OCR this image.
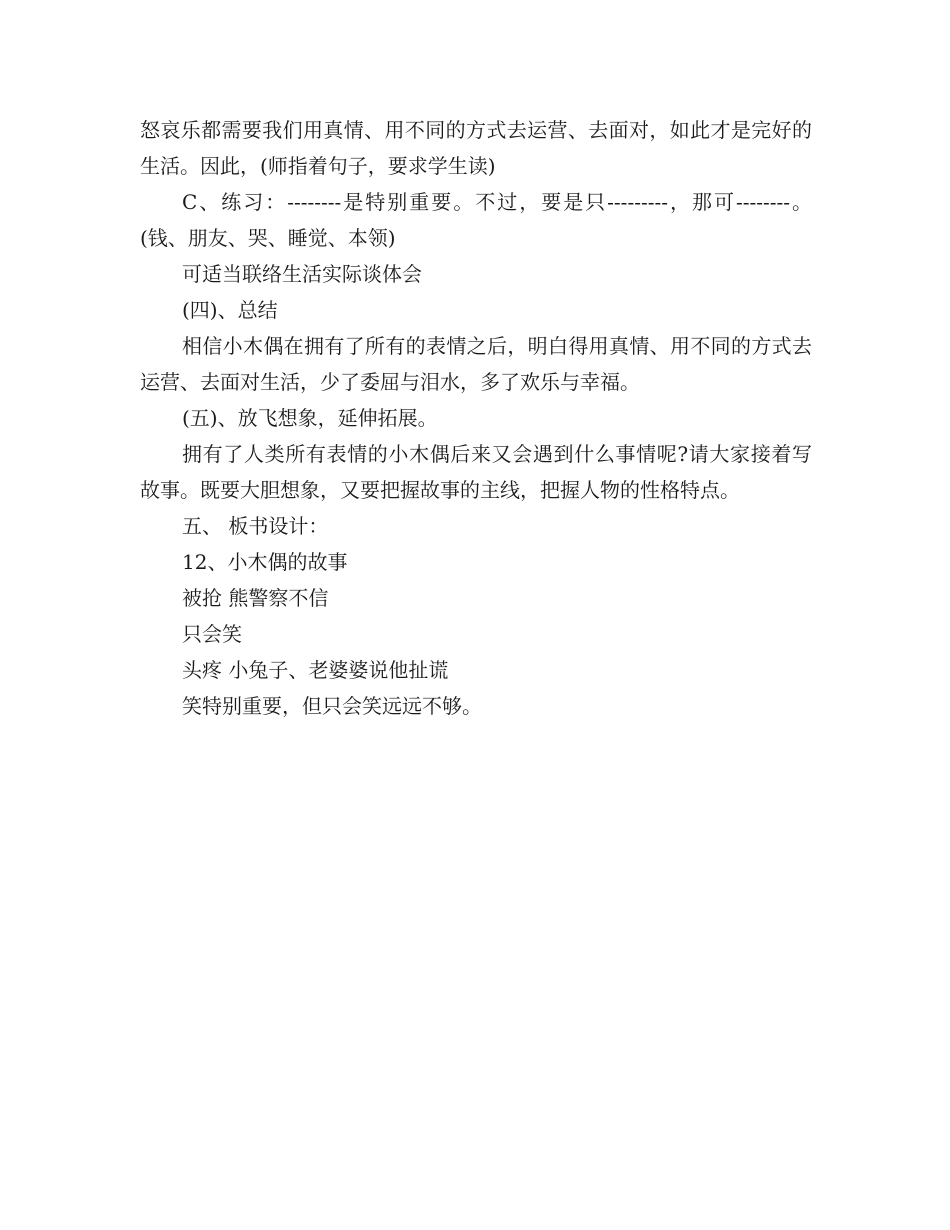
怒哀乐都需要我们用真情、用不同的方式去运营、去面对，如此才是完好的生活。因此，(师指着句子，要求学生读)

C、练习：--------是特别重要。不过，要是只---------，那可--------。(钱、朋友、哭、睡觉、本领)

可适当联络生活实际谈体会

(四)、总结

相信小木偶在拥有了所有的表情之后，明白得用真情、用不同的方式去运营、去面对生活，少了委屈与泪水，多了欢乐与幸福。

(五)、放飞想象，延伸拓展。

拥有了人类所有表情的小木偶后来又会遇到什么事情呢?请大家接着写故事。既要大胆想象，又要把握故事的主线，把握人物的性格特点。

五、 板书设计：

12、小木偶的故事

被抢 熊警察不信

只会笑

头疼 小兔子、老婆婆说他扯谎

笑特别重要，但只会笑远远不够。
